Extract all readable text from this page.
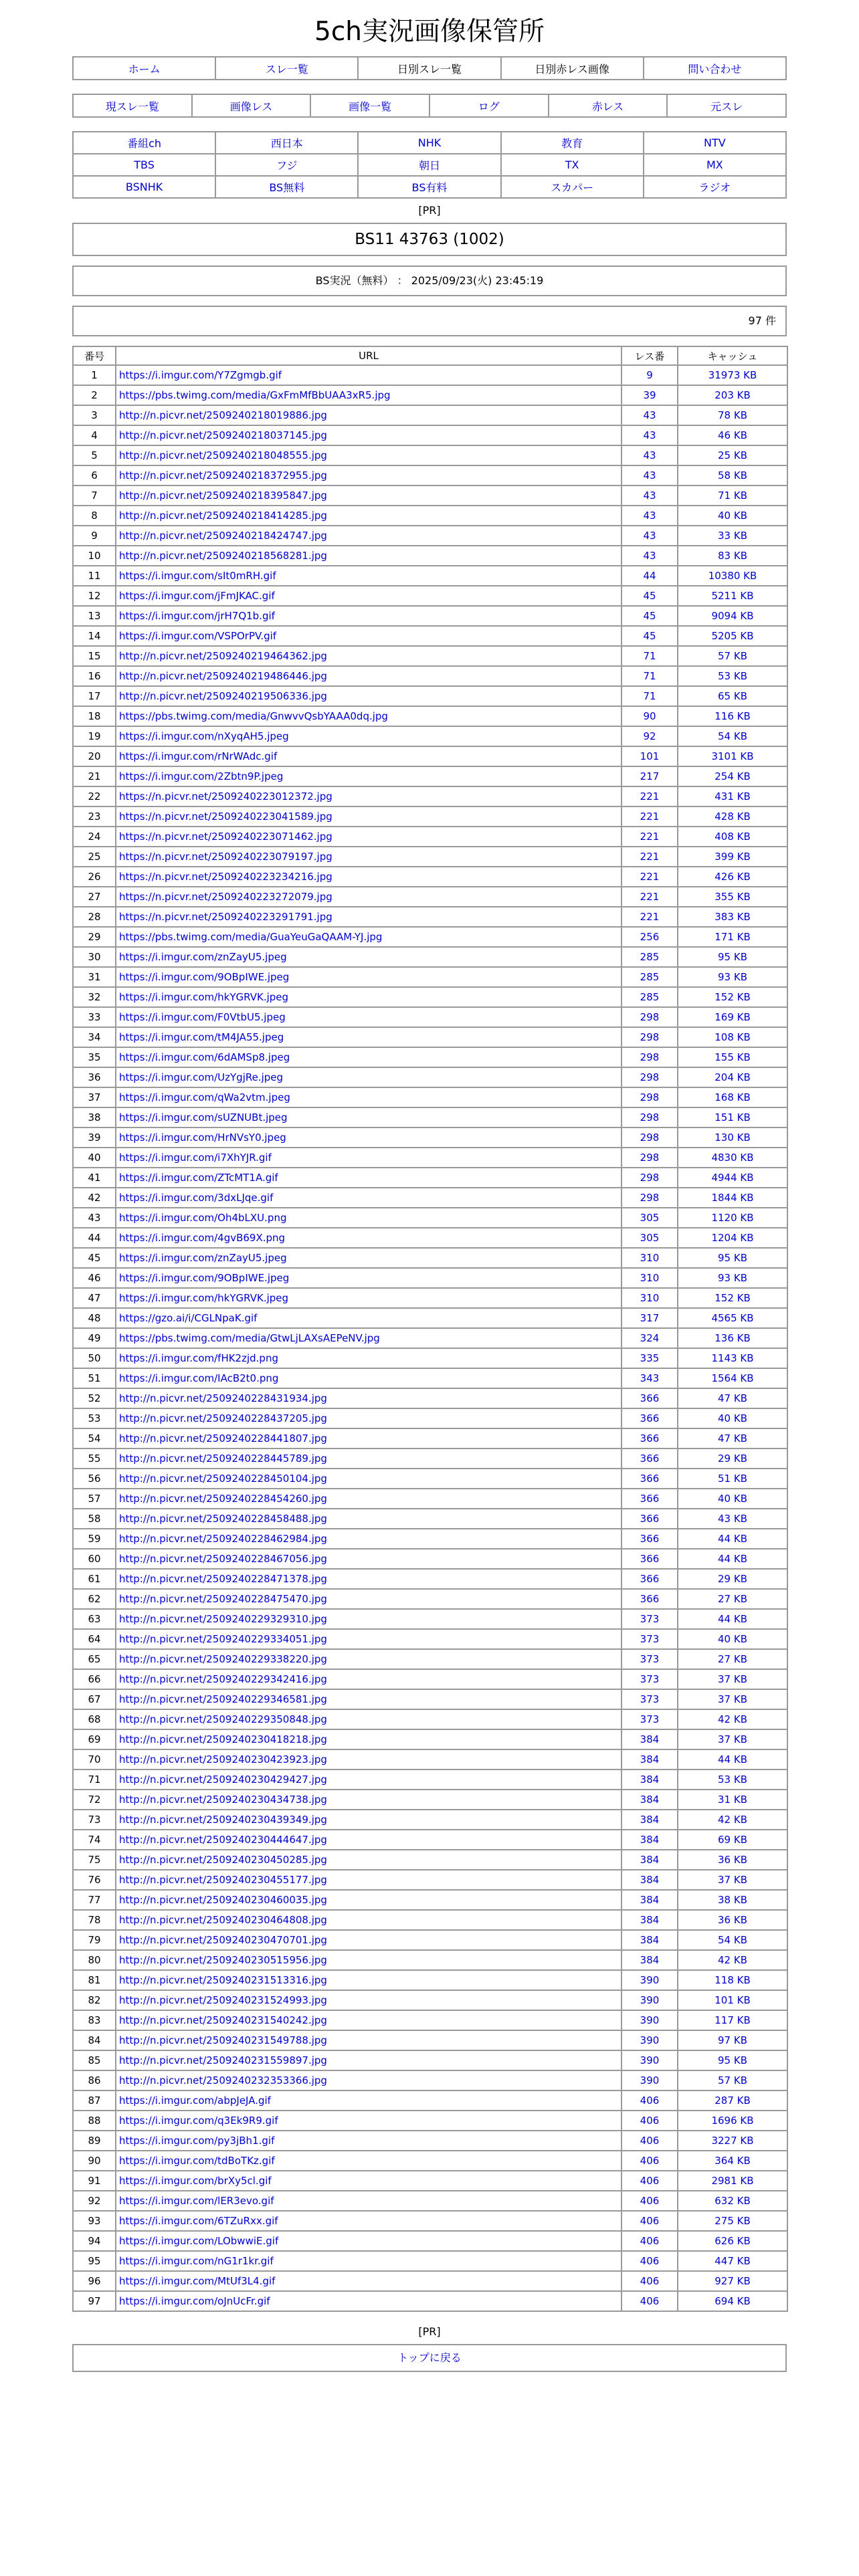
5ch実況画像保管所
ホーム	スレ一覧	日別スレ一覧	日別赤レス画像	問い合わせ
現スレ一覧	画像レス	画像一覧	ログ	赤レス	元スレ
番組ch	西日本	NHK	教育	NTV
TBS	フジ	朝日	TX	MX
BSNHK	BS無料	BS有料	スカパー	ラジオ
[PR]
BS11 43763 (1002)
BS実況（無料） ： 2025/09/23(火) 23:45:19
97 件
番号	URL	レス番	キャッシュ
1	https://i.imgur.com/Y7Zgmgb.gif	9	31973 KB
2	https://pbs.twimg.com/media/GxFmMfBbUAA3xR5.jpg	39	203 KB
3	http://n.picvr.net/2509240218019886.jpg	43	78 KB
4	http://n.picvr.net/2509240218037145.jpg	43	46 KB
5	http://n.picvr.net/2509240218048555.jpg	43	25 KB
6	http://n.picvr.net/2509240218372955.jpg	43	58 KB
7	http://n.picvr.net/2509240218395847.jpg	43	71 KB
8	http://n.picvr.net/2509240218414285.jpg	43	40 KB
9	http://n.picvr.net/2509240218424747.jpg	43	33 KB
10	http://n.picvr.net/2509240218568281.jpg	43	83 KB
11	https://i.imgur.com/sIt0mRH.gif	44	10380 KB
12	https://i.imgur.com/jFmJKAC.gif	45	5211 KB
13	https://i.imgur.com/jrH7Q1b.gif	45	9094 KB
14	https://i.imgur.com/VSPOrPV.gif	45	5205 KB
15	http://n.picvr.net/2509240219464362.jpg	71	57 KB
16	http://n.picvr.net/2509240219486446.jpg	71	53 KB
17	http://n.picvr.net/2509240219506336.jpg	71	65 KB
18	https://pbs.twimg.com/media/GnwvvQsbYAAA0dq.jpg	90	116 KB
19	https://i.imgur.com/nXyqAH5.jpeg	92	54 KB
20	https://i.imgur.com/rNrWAdc.gif	101	3101 KB
21	https://i.imgur.com/2Zbtn9P.jpeg	217	254 KB
22	https://n.picvr.net/2509240223012372.jpg	221	431 KB
23	https://n.picvr.net/2509240223041589.jpg	221	428 KB
24	https://n.picvr.net/2509240223071462.jpg	221	408 KB
25	https://n.picvr.net/2509240223079197.jpg	221	399 KB
26	https://n.picvr.net/2509240223234216.jpg	221	426 KB
27	https://n.picvr.net/2509240223272079.jpg	221	355 KB
28	https://n.picvr.net/2509240223291791.jpg	221	383 KB
29	https://pbs.twimg.com/media/GuaYeuGaQAAM-YJ.jpg	256	171 KB
30	https://i.imgur.com/znZayU5.jpeg	285	95 KB
31	https://i.imgur.com/9OBpIWE.jpeg	285	93 KB
32	https://i.imgur.com/hkYGRVK.jpeg	285	152 KB
33	https://i.imgur.com/F0VtbU5.jpeg	298	169 KB
34	https://i.imgur.com/tM4JA55.jpeg	298	108 KB
35	https://i.imgur.com/6dAMSp8.jpeg	298	155 KB
36	https://i.imgur.com/UzYgjRe.jpeg	298	204 KB
37	https://i.imgur.com/qWa2vtm.jpeg	298	168 KB
38	https://i.imgur.com/sUZNUBt.jpeg	298	151 KB
39	https://i.imgur.com/HrNVsY0.jpeg	298	130 KB
40	https://i.imgur.com/i7XhYJR.gif	298	4830 KB
41	https://i.imgur.com/ZTcMT1A.gif	298	4944 KB
42	https://i.imgur.com/3dxLJqe.gif	298	1844 KB
43	https://i.imgur.com/Oh4bLXU.png	305	1120 KB
44	https://i.imgur.com/4gvB69X.png	305	1204 KB
45	https://i.imgur.com/znZayU5.jpeg	310	95 KB
46	https://i.imgur.com/9OBpIWE.jpeg	310	93 KB
47	https://i.imgur.com/hkYGRVK.jpeg	310	152 KB
48	https://gzo.ai/i/CGLNpaK.gif	317	4565 KB
49	https://pbs.twimg.com/media/GtwLjLAXsAEPeNV.jpg	324	136 KB
50	https://i.imgur.com/fHK2zjd.png	335	1143 KB
51	https://i.imgur.com/IAcB2t0.png	343	1564 KB
52	http://n.picvr.net/2509240228431934.jpg	366	47 KB
53	http://n.picvr.net/2509240228437205.jpg	366	40 KB
54	http://n.picvr.net/2509240228441807.jpg	366	47 KB
55	http://n.picvr.net/2509240228445789.jpg	366	29 KB
56	http://n.picvr.net/2509240228450104.jpg	366	51 KB
57	http://n.picvr.net/2509240228454260.jpg	366	40 KB
58	http://n.picvr.net/2509240228458488.jpg	366	43 KB
59	http://n.picvr.net/2509240228462984.jpg	366	44 KB
60	http://n.picvr.net/2509240228467056.jpg	366	44 KB
61	http://n.picvr.net/2509240228471378.jpg	366	29 KB
62	http://n.picvr.net/2509240228475470.jpg	366	27 KB
63	http://n.picvr.net/2509240229329310.jpg	373	44 KB
64	http://n.picvr.net/2509240229334051.jpg	373	40 KB
65	http://n.picvr.net/2509240229338220.jpg	373	27 KB
66	http://n.picvr.net/2509240229342416.jpg	373	37 KB
67	http://n.picvr.net/2509240229346581.jpg	373	37 KB
68	http://n.picvr.net/2509240229350848.jpg	373	42 KB
69	http://n.picvr.net/2509240230418218.jpg	384	37 KB
70	http://n.picvr.net/2509240230423923.jpg	384	44 KB
71	http://n.picvr.net/2509240230429427.jpg	384	53 KB
72	http://n.picvr.net/2509240230434738.jpg	384	31 KB
73	http://n.picvr.net/2509240230439349.jpg	384	42 KB
74	http://n.picvr.net/2509240230444647.jpg	384	69 KB
75	http://n.picvr.net/2509240230450285.jpg	384	36 KB
76	http://n.picvr.net/2509240230455177.jpg	384	37 KB
77	http://n.picvr.net/2509240230460035.jpg	384	38 KB
78	http://n.picvr.net/2509240230464808.jpg	384	36 KB
79	http://n.picvr.net/2509240230470701.jpg	384	54 KB
80	http://n.picvr.net/2509240230515956.jpg	384	42 KB
81	http://n.picvr.net/2509240231513316.jpg	390	118 KB
82	http://n.picvr.net/2509240231524993.jpg	390	101 KB
83	http://n.picvr.net/2509240231540242.jpg	390	117 KB
84	http://n.picvr.net/2509240231549788.jpg	390	97 KB
85	http://n.picvr.net/2509240231559897.jpg	390	95 KB
86	http://n.picvr.net/2509240232353366.jpg	390	57 KB
87	https://i.imgur.com/abpJeJA.gif	406	287 KB
88	https://i.imgur.com/q3Ek9R9.gif	406	1696 KB
89	https://i.imgur.com/py3jBh1.gif	406	3227 KB
90	https://i.imgur.com/tdBoTKz.gif	406	364 KB
91	https://i.imgur.com/brXy5cl.gif	406	2981 KB
92	https://i.imgur.com/lER3evo.gif	406	632 KB
93	https://i.imgur.com/6TZuRxx.gif	406	275 KB
94	https://i.imgur.com/LObwwiE.gif	406	626 KB
95	https://i.imgur.com/nG1r1kr.gif	406	447 KB
96	https://i.imgur.com/MtUf3L4.gif	406	927 KB
97	https://i.imgur.com/oJnUcFr.gif	406	694 KB
[PR]
トップに戻る
